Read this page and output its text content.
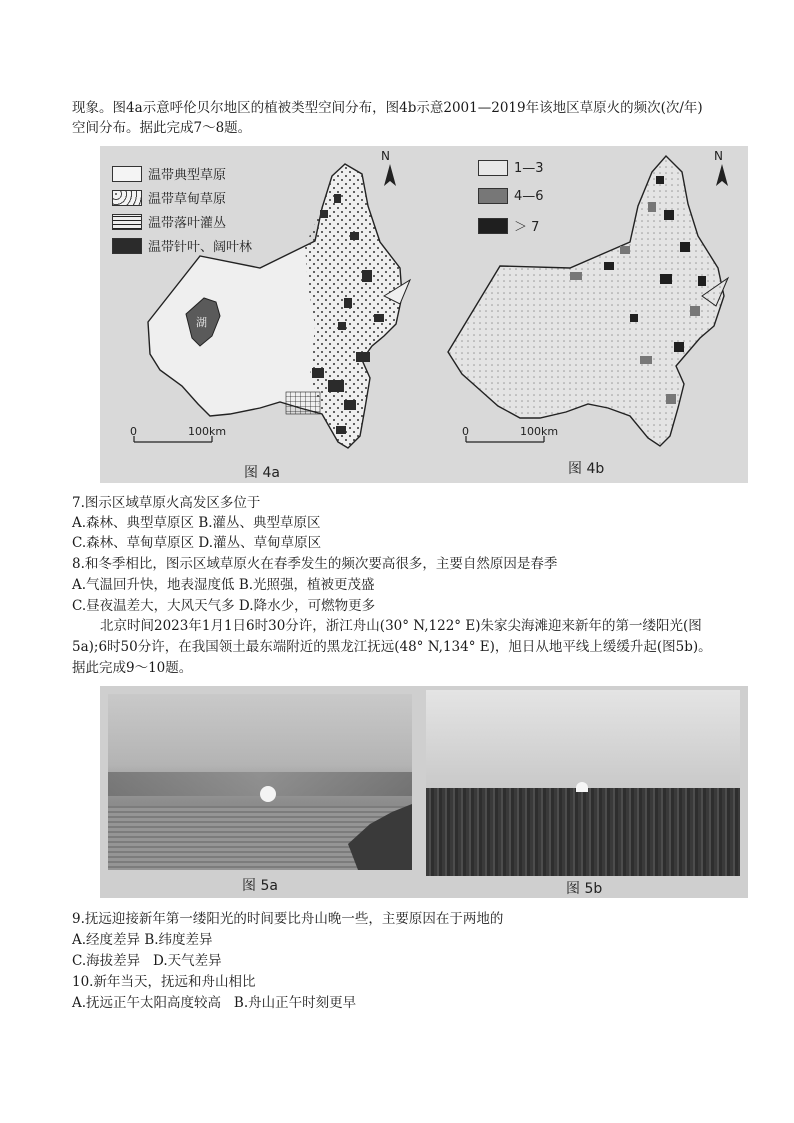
现象。图4a示意呼伦贝尔地区的植被类型空间分布，图4b示意2001—2019年该地区草原火的频次(次/年)
空间分布。据此完成7～8题。
N	N
湖
温带典型草原
温带草甸草原
温带落叶灌丛
温带针叶、阔叶林
1—3
4—6
＞ 7
0	100km	0	100km
图 4a	图 4b
7.图示区域草原火高发区多位于
A.森林、典型草原区 B.灌丛、典型草原区
C.森林、草甸草原区 D.灌丛、草甸草原区
8.和冬季相比，图示区域草原火在春季发生的频次要高很多，主要自然原因是春季
A.气温回升快，地表湿度低 B.光照强，植被更茂盛
C.昼夜温差大，大风天气多 D.降水少，可燃物更多
北京时间2023年1月1日6时30分许，浙江舟山(30° N,122° E)朱家尖海滩迎来新年的第一缕阳光(图
5a);6时50分许，在我国领土最东端附近的黑龙江抚远(48° N,134° E)，旭日从地平线上缓缓升起(图5b)。
据此完成9～10题。
图 5a	图 5b
9.抚远迎接新年第一缕阳光的时间要比舟山晚一些，主要原因在于两地的
A.经度差异 B.纬度差异
C.海拔差异   D.天气差异
10.新年当天，抚远和舟山相比
A.抚远正午太阳高度较高   B.舟山正午时刻更早
